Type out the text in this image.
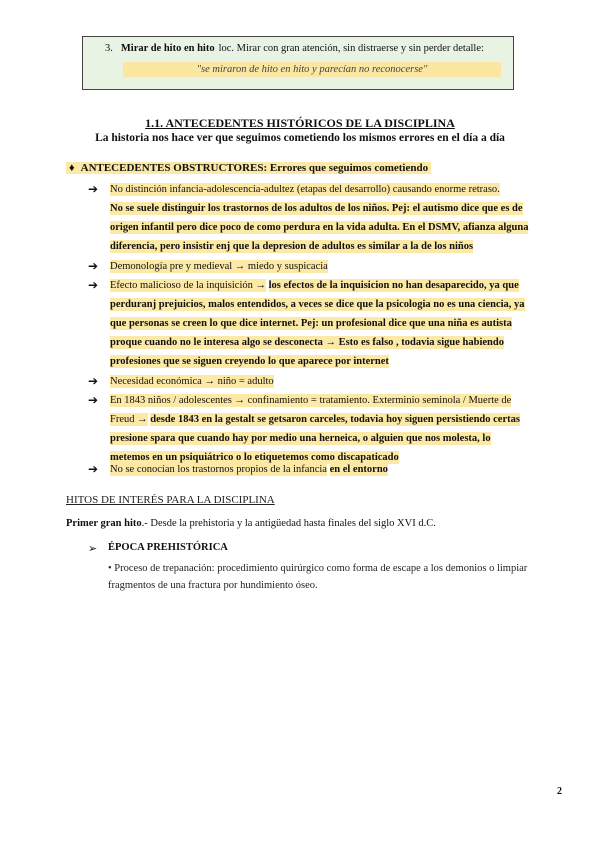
3. Mirar de hito en hito loc. Mirar con gran atención, sin distraerse y sin perder detalle:
"se miraron de hito en hito y parecían no reconocerse"
1.1. ANTECEDENTES HISTÓRICOS DE LA DISCIPLINA
La historia nos hace ver que seguimos cometiendo los mismos errores en el día a día
♦ ANTECEDENTES OBSTRUCTORES: Errores que seguimos cometiendo
➔ No distinción infancia-adolescencia-adultez (etapas del desarrollo) causando enorme retraso.
No se suele distinguir los trastornos de los adultos de los niños. Pej: el autismo dice que es de origen infantil pero dice poco de como perdura en la vida adulta. En el DSMV, afianza alguna diferencia, pero insistir enj que la depresion de adultos es similar a la de los niños
➔ Demonología pre y medieval → miedo y suspicacia
➔ Efecto malicioso de la inquisición → los efectos de la inquisicion no han desaparecido, ya que perduranj prejuicios, malos entendidos, a veces se dice que la psicologia no es una ciencia, ya que personas se creen lo que dice internet. Pej: un profesional dice que una niña es autista proque cuando no le interesa algo se desconecta → Esto es falso , todavia sigue habiendo profesiones que se siguen creyendo lo que aparece por internet
➔ Necesidad económica → niño = adulto
➔ En 1843 niños / adolescentes → confinamiento = tratamiento. Exterminio seminola / Muerte de Freud → desde 1843 en la gestalt se getsaron carceles, todavia hoy siguen persistiendo certas presione spara que cuando hay por medio una herneica, o alguien que nos molesta, lo metemos en un psiquiátrico o lo etiquetemos como discapaticado
➔ No se conocían los trastornos propios de la infancia en el entorno
HITOS DE INTERÉS PARA LA DISCIPLINA
Primer gran hito.- Desde la prehistoria y la antigüedad hasta finales del siglo XVI d.C.
➢ ÉPOCA PREHISTÓRICA
• Proceso de trepanación: procedimiento quirúrgico como forma de escape a los demonios o limpiar fragmentos de una fractura por hundimiento óseo.
2
